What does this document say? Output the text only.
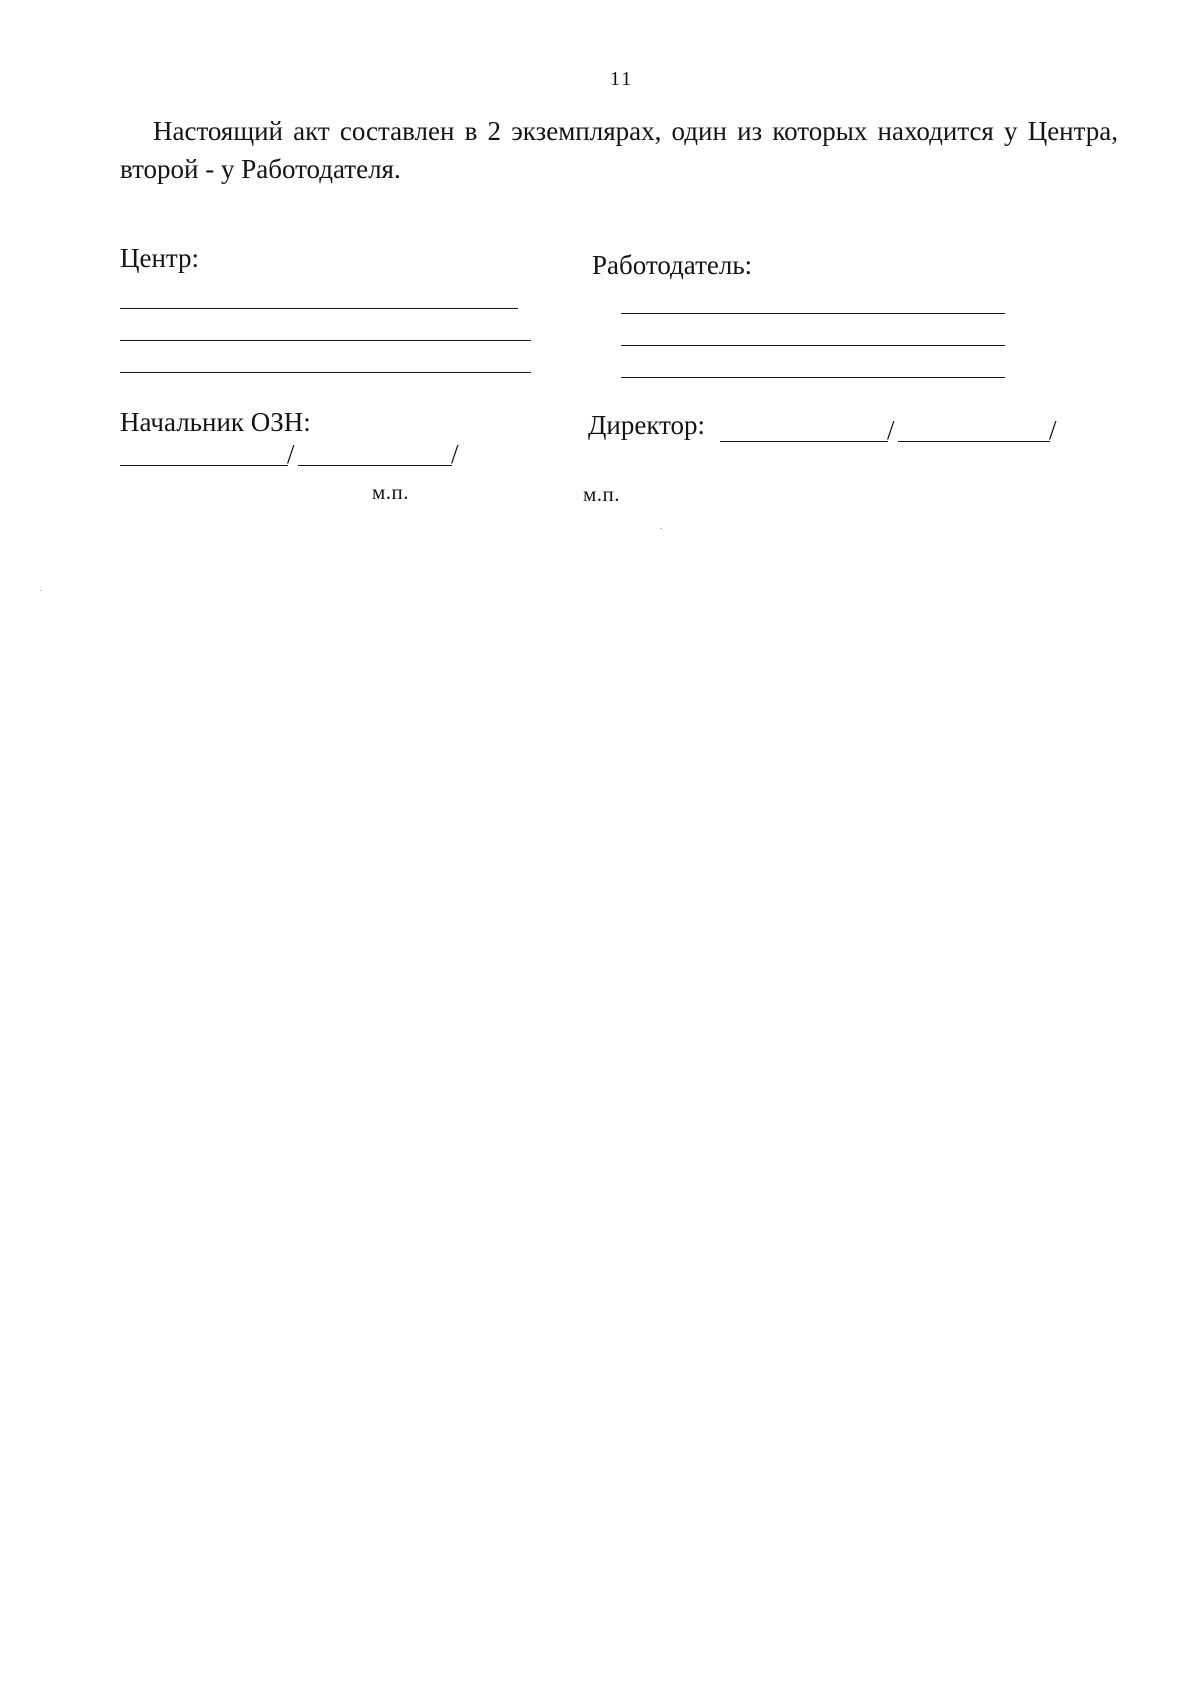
11

Настоящий акт составлен в 2 экземплярах, один из которых находится у Центра, второй - у Работодателя.

Центр:
Начальник ОЗН:
/	/
м.п.
Работодатель:
Директор:	/	/
м.п.
